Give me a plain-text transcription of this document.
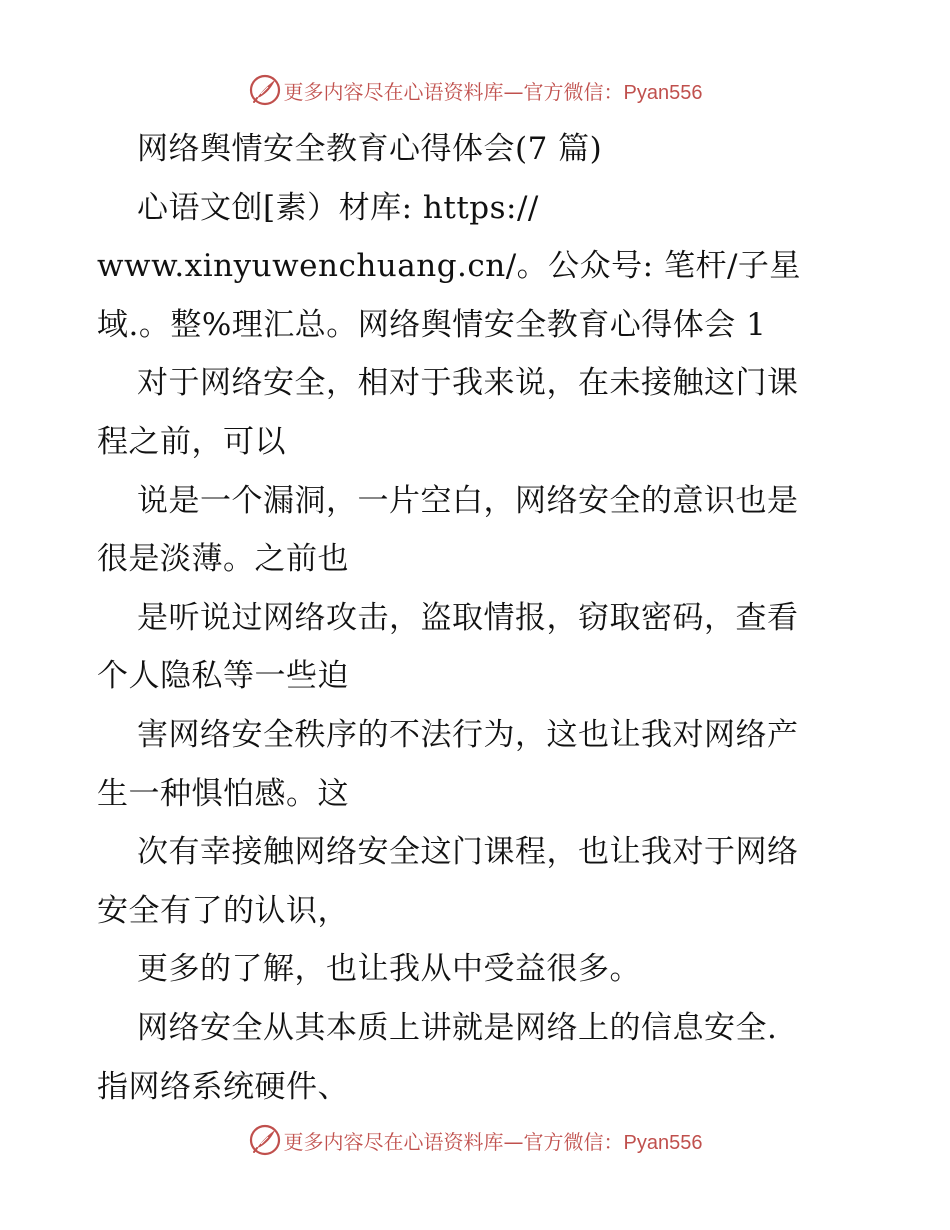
更多内容尽在心语资料库—官方微信：Pyan556
网络舆情安全教育心得体会(7 篇)
心语文创[素）材库: https://
www.xinyuwenchuang.cn/。公众号: 笔杆/子星
域.。整%理汇总。网络舆情安全教育心得体会 1
对于网络安全，相对于我来说，在未接触这门课
程之前，可以
说是一个漏洞，一片空白，网络安全的意识也是
很是淡薄。之前也
是听说过网络攻击，盗取情报，窃取密码，查看
个人隐私等一些迫
害网络安全秩序的不法行为，这也让我对网络产
生一种惧怕感。这
次有幸接触网络安全这门课程，也让我对于网络
安全有了的认识，
更多的了解，也让我从中受益很多。
网络安全从其本质上讲就是网络上的信息安全.
指网络系统硬件、
更多内容尽在心语资料库—官方微信：Pyan556
